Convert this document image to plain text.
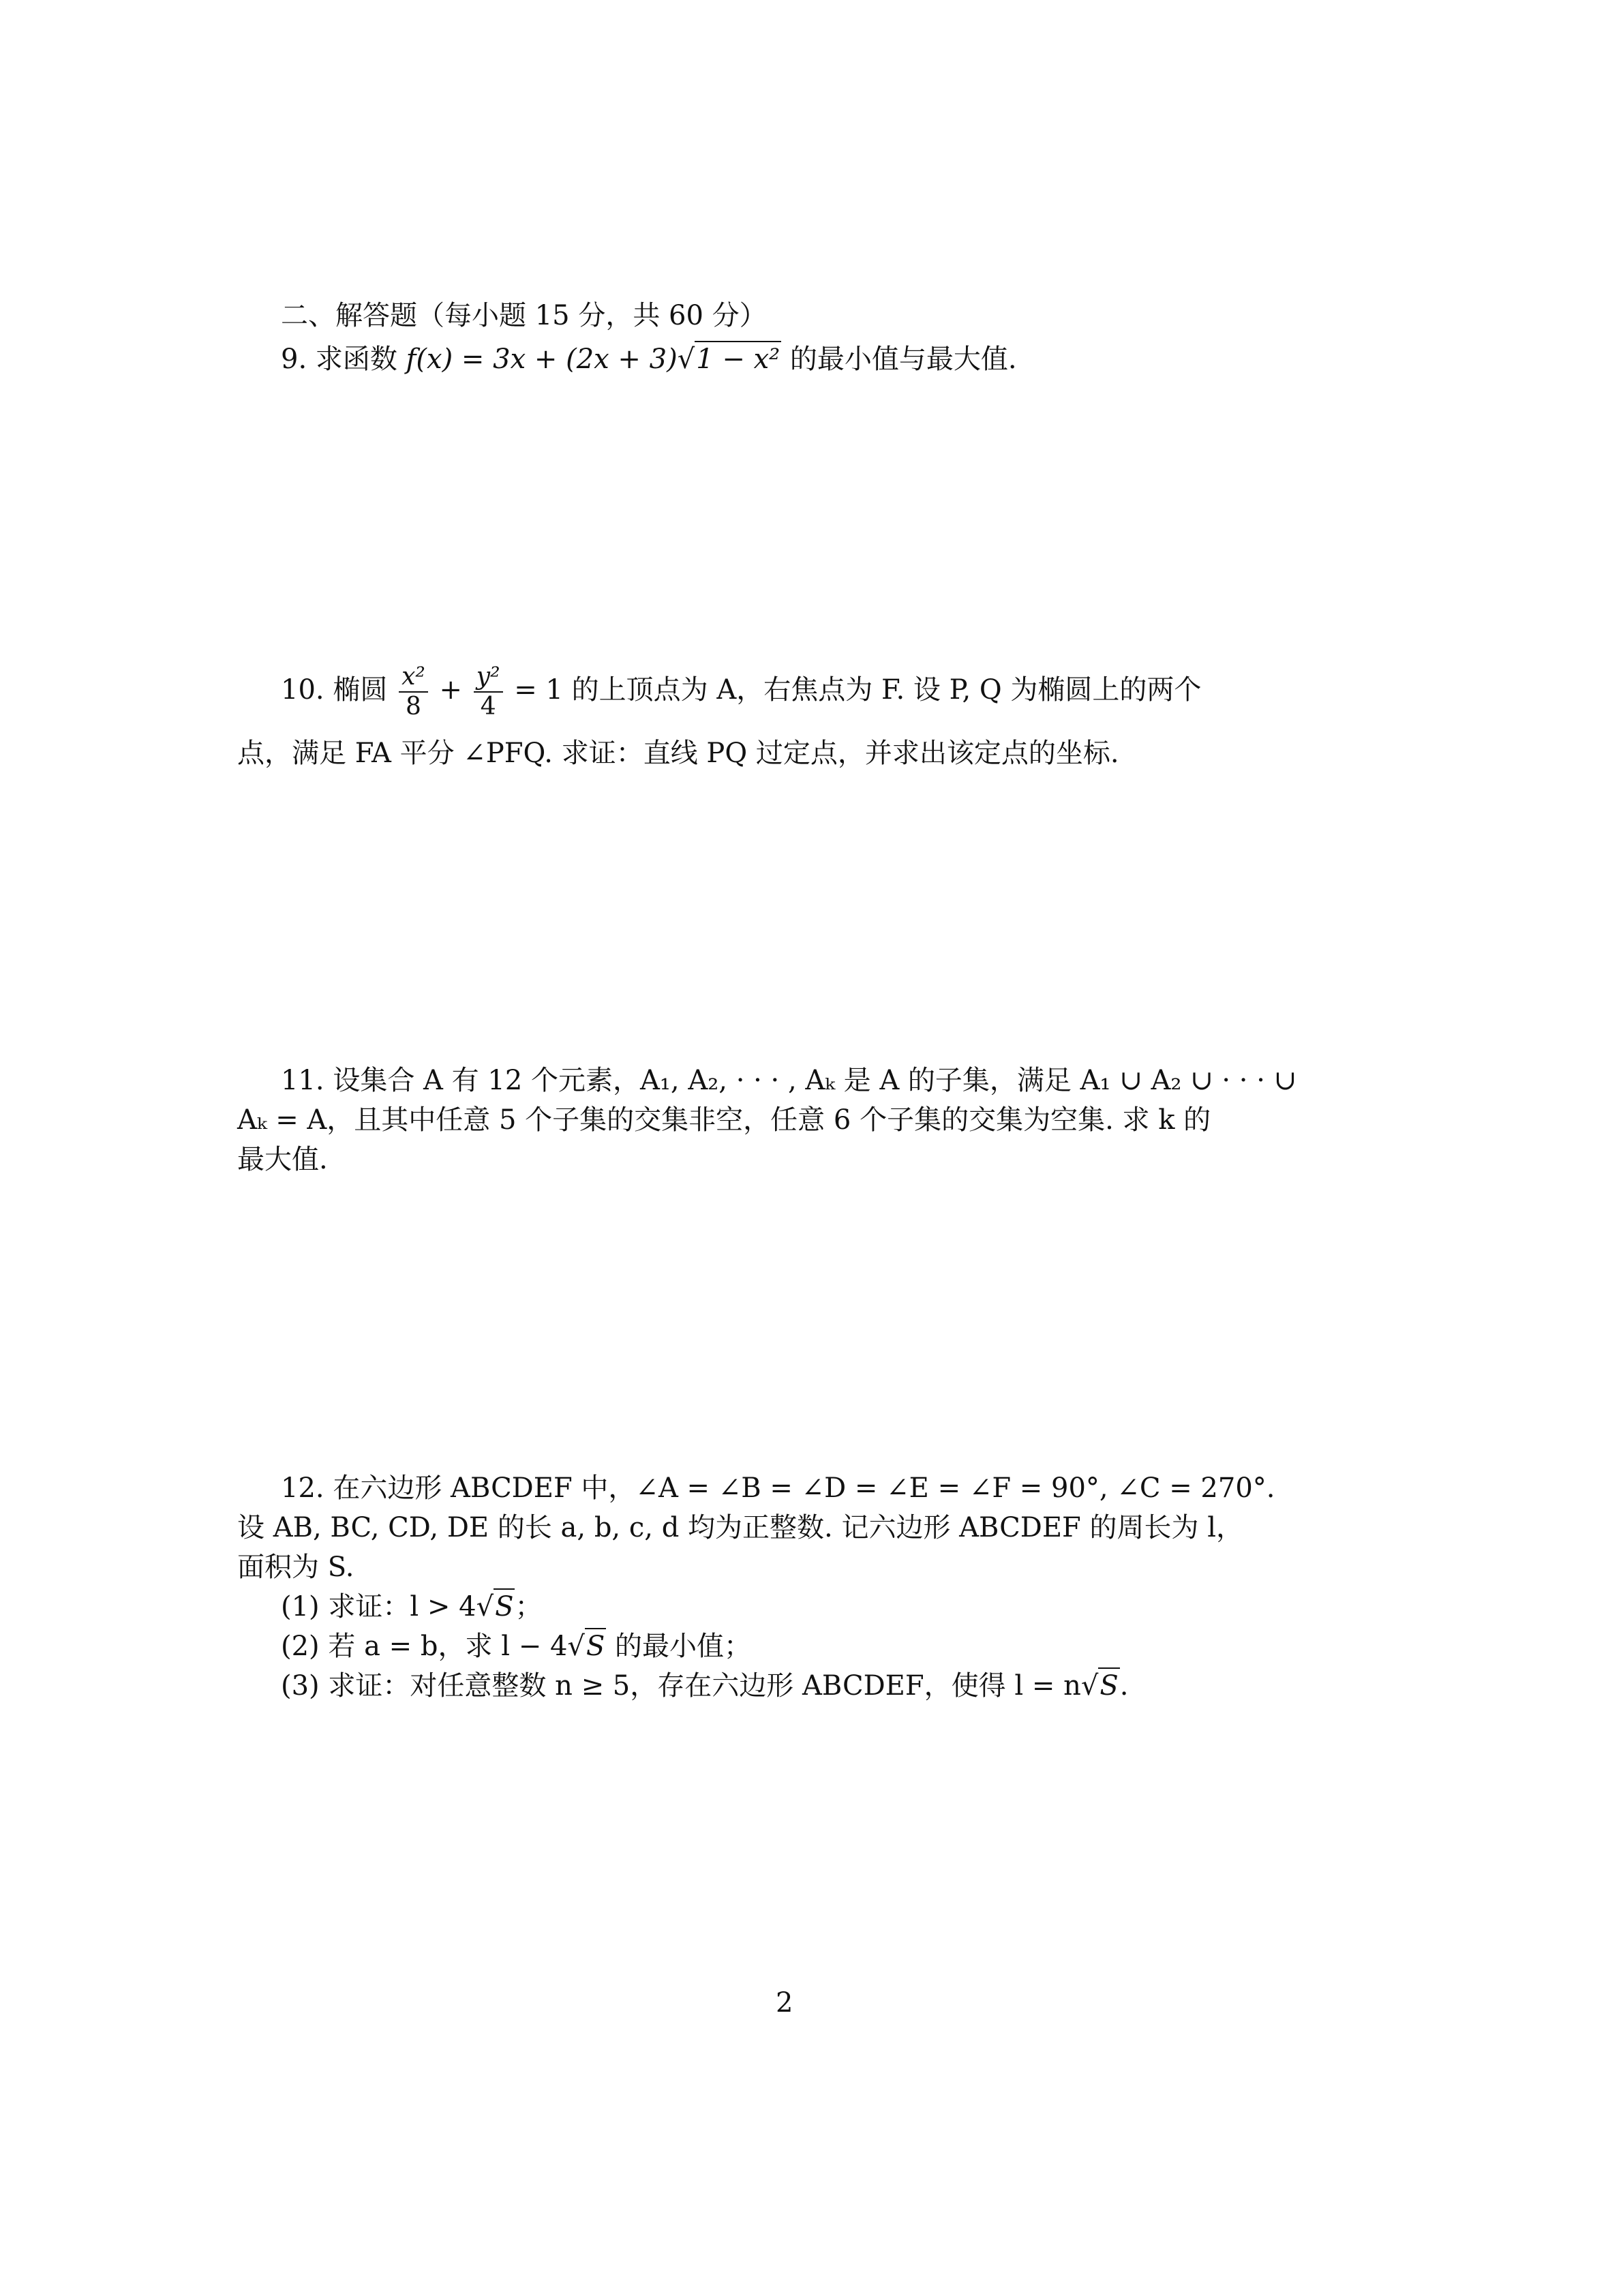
二、解答题（每小题 15 分，共 60 分）
9. 求函数 f(x) = 3x + (2x + 3)√1 − x² 的最小值与最大值.
10. 椭圆 $\frac{\text{x²}}{8} + \frac{\text{y²}}{4} = 1$ 的上顶点为 A，右焦点为 F. 设 P, Q 为椭圆上的两个
点，满足 FA 平分 ∠PFQ. 求证：直线 PQ 过定点，并求出该定点的坐标.
11. 设集合 A 有 12 个元素，A₁, A₂, · · · , Aₖ 是 A 的子集，满足 A₁ ∪ A₂ ∪ · · · ∪
Aₖ = A，且其中任意 5 个子集的交集非空，任意 6 个子集的交集为空集. 求 k 的
最大值.
12. 在六边形 ABCDEF 中，∠A = ∠B = ∠D = ∠E = ∠F = 90°, ∠C = 270°.
设 AB, BC, CD, DE 的长 a, b, c, d 均为正整数. 记六边形 ABCDEF 的周长为 l，
面积为 S.
(1) 求证：l > 4√S；
(2) 若 a = b，求 l − 4√S 的最小值；
(3) 求证：对任意整数 n ≥ 5，存在六边形 ABCDEF，使得 l = n√S.
2
